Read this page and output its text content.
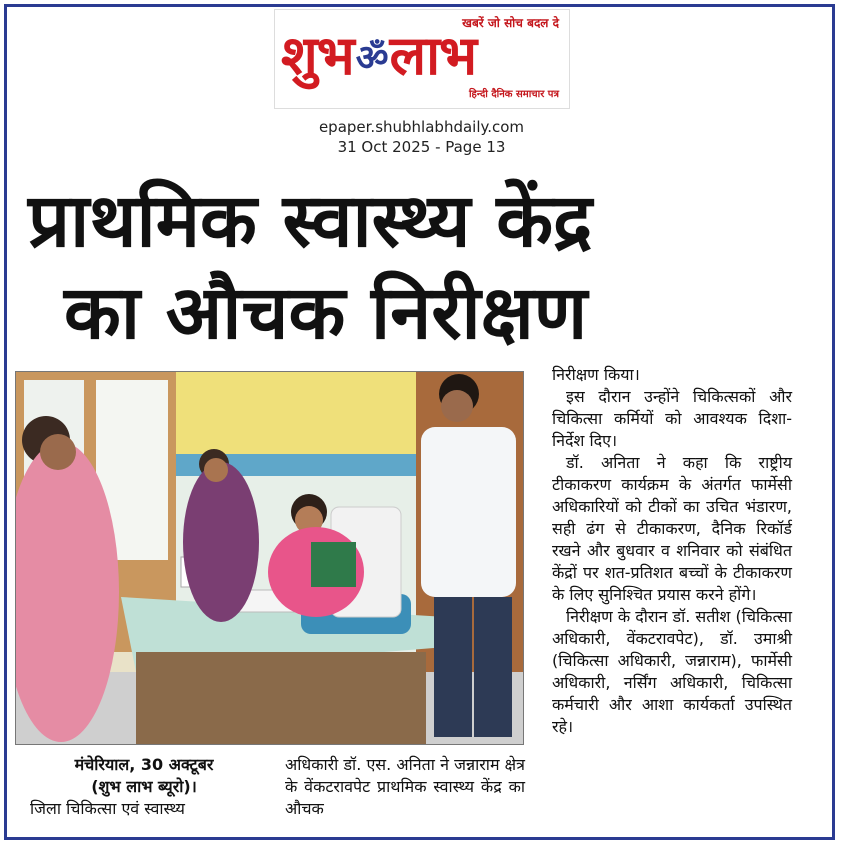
खबरें जो सोच बदल दे
शुभॐलाभ
हिन्दी दैनिक समाचार पत्र
epaper.shubhlabhdaily.com
31 Oct 2025 - Page 13
प्राथमिक स्वास्थ्य केंद्र
का औचक निरीक्षण

मंचेरियाल, 30 अक्टूबर

(शुभ लाभ ब्यूरो)।

जिला चिकित्सा एवं स्वास्थ्य

अधिकारी डॉ. एस. अनिता ने जन्नाराम क्षेत्र के वेंकटरावपेट प्राथमिक स्वास्थ्य केंद्र का औचक

निरीक्षण किया।

इस दौरान उन्होंने चिकित्सकों और चिकित्सा कर्मियों को आवश्यक दिशा-निर्देश दिए।

डॉ. अनिता ने कहा कि राष्ट्रीय टीकाकरण कार्यक्रम के अंतर्गत फार्मेसी अधिकारियों को टीकों का उचित भंडारण, सही ढंग से टीकाकरण, दैनिक रिकॉर्ड रखने और बुधवार व शनिवार को संबंधित केंद्रों पर शत-प्रतिशत बच्चों के टीकाकरण के लिए सुनिश्चित प्रयास करने होंगे।

निरीक्षण के दौरान डॉ. सतीश (चिकित्सा अधिकारी, वेंकटरावपेट), डॉ. उमाश्री (चिकित्सा अधिकारी, जन्नाराम), फार्मेसी अधिकारी, नर्सिंग अधिकारी, चिकित्सा कर्मचारी और आशा कार्यकर्ता उपस्थित रहे।
